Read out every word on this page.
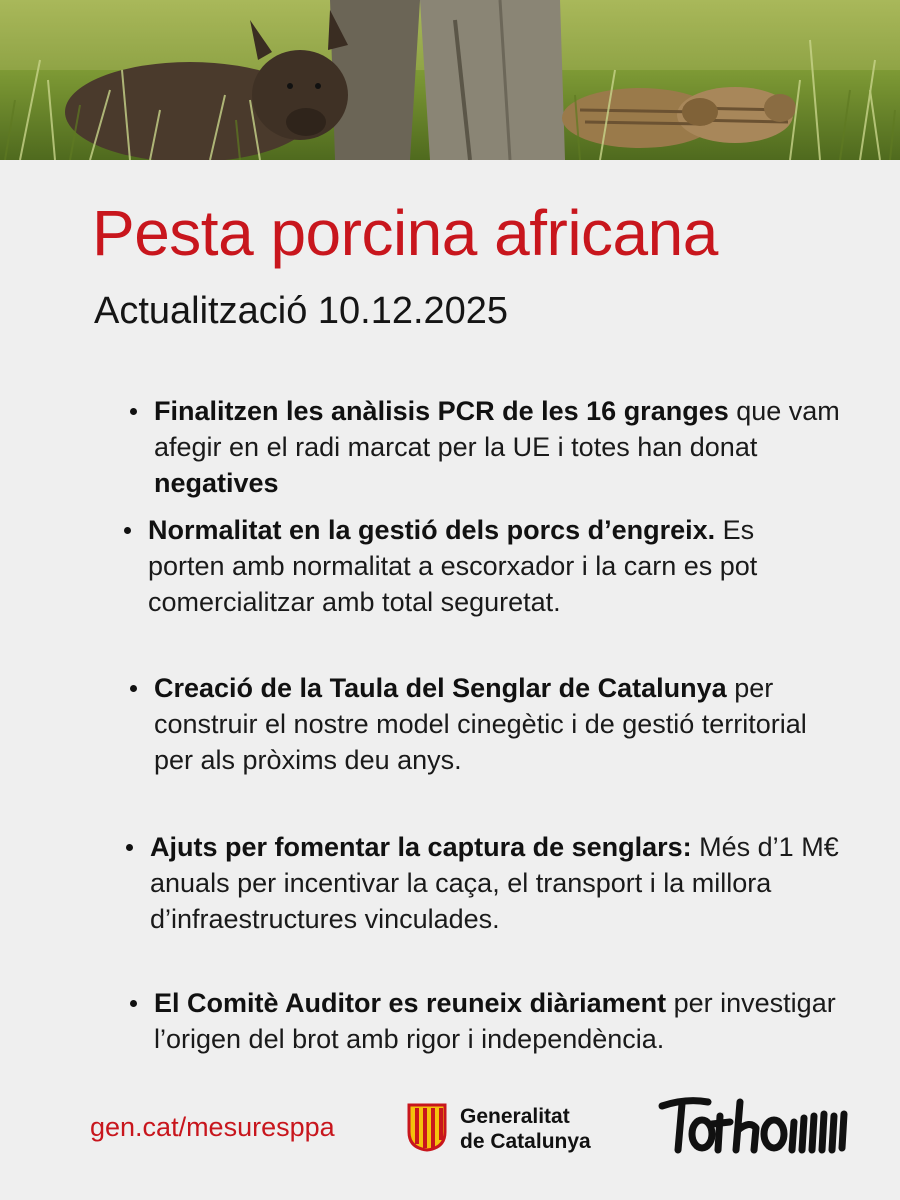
Pesta porcina africana
Actualització 10.12.2025
Finalitzen les anàlisis PCR de les 16 granges que vam afegir en el radi marcat per la UE i totes han donat negatives
Normalitat en la gestió dels porcs d’engreix. Es porten amb normalitat a escorxador i la carn es pot comercialitzar amb total seguretat.
Creació de la Taula del Senglar de Catalunya per construir el nostre model cinegètic i de gestió territorial per als pròxims deu anys.
Ajuts per fomentar la captura de senglars: Més d’1 M€ anuals per incentivar la caça, el transport i la millora d’infraestructures vinculades.
El Comitè Auditor es reuneix diàriament per investigar l’origen del brot amb rigor i independència.
gen.cat/mesuresppa	Generalitat
de Catalunya
